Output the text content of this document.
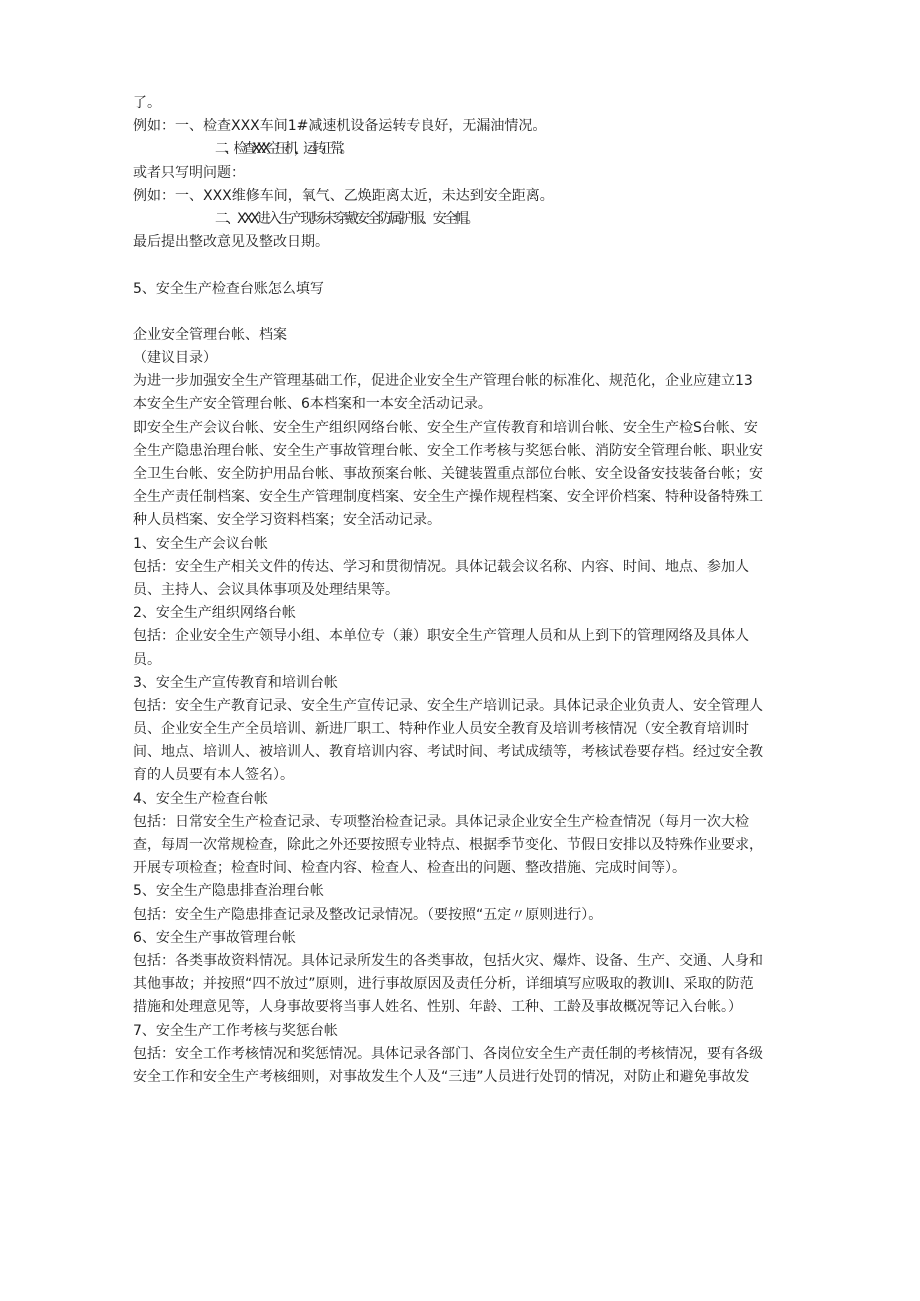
了。
例如：一、检查XXX车间1#减速机设备运转专良好，无漏油情况。
二、检查XXX空压机，运转正常。
或者只写明问题：
例如：一、XXX维修车间，氧气、乙焕距离太近，未达到安全距离。
二、XXX进入生产现场未穿戴安全防属护服、安全帽。
最后提出整改意见及整改日期。
5、安全生产检查台账怎么填写
企业安全管理台帐、档案
（建议目录）
为进一步加强安全生产管理基础工作，促进企业安全生产管理台帐的标准化、规范化，企业应建立13
本安全生产安全管理台帐、6本档案和一本安全活动记录。
即安全生产会议台帐、安全生产组织网络台帐、安全生产宣传教育和培训台帐、安全生产检S台帐、安
全生产隐患治理台帐、安全生产事故管理台帐、安全工作考核与奖惩台帐、消防安全管理台帐、职业安
全卫生台帐、安全防护用品台帐、事故预案台帐、关键装置重点部位台帐、安全设备安技装备台帐；安
全生产责任制档案、安全生产管理制度档案、安全生产操作规程档案、安全评价档案、特种设备特殊工
种人员档案、安全学习资料档案；安全活动记录。
1、安全生产会议台帐
包括：安全生产相关文件的传达、学习和贯彻情况。具体记载会议名称、内容、时间、地点、参加人
员、主持人、会议具体事项及处理结果等。
2、安全生产组织网络台帐
包括：企业安全生产领导小组、本单位专（兼）职安全生产管理人员和从上到下的管理网络及具体人
员。
3、安全生产宣传教育和培训台帐
包括：安全生产教育记录、安全生产宣传记录、安全生产培训记录。具体记录企业负责人、安全管理人
员、企业安全生产全员培训、新进厂职工、特种作业人员安全教育及培训考核情况（安全教育培训时
间、地点、培训人、被培训人、教育培训内容、考试时间、考试成绩等，考核试卷要存档。经过安全教
育的人员要有本人签名）。
4、安全生产检查台帐
包括：日常安全生产检查记录、专项整治检查记录。具体记录企业安全生产检查情况（每月一次大检
查，每周一次常规检查，除此之外还要按照专业特点、根据季节变化、节假日安排以及特殊作业要求，
开展专项检查；检查时间、检查内容、检查人、检查出的问题、整改措施、完成时间等）。
5、安全生产隐患排查治理台帐
包括：安全生产隐患排查记录及整改记录情况。（要按照“五定〃原则进行）。
6、安全生产事故管理台帐
包括：各类事故资料情况。具体记录所发生的各类事故，包括火灾、爆炸、设备、生产、交通、人身和
其他事故；并按照“四不放过”原则，进行事故原因及责任分析，详细填写应吸取的教训I、采取的防范
措施和处理意见等，人身事故要将当事人姓名、性别、年龄、工种、工龄及事故概况等记入台帐。）
7、安全生产工作考核与奖惩台帐
包括：安全工作考核情况和奖惩情况。具体记录各部门、各岗位安全生产责任制的考核情况，要有各级
安全工作和安全生产考核细则，对事故发生个人及“三违”人员进行处罚的情况，对防止和避免事故发
